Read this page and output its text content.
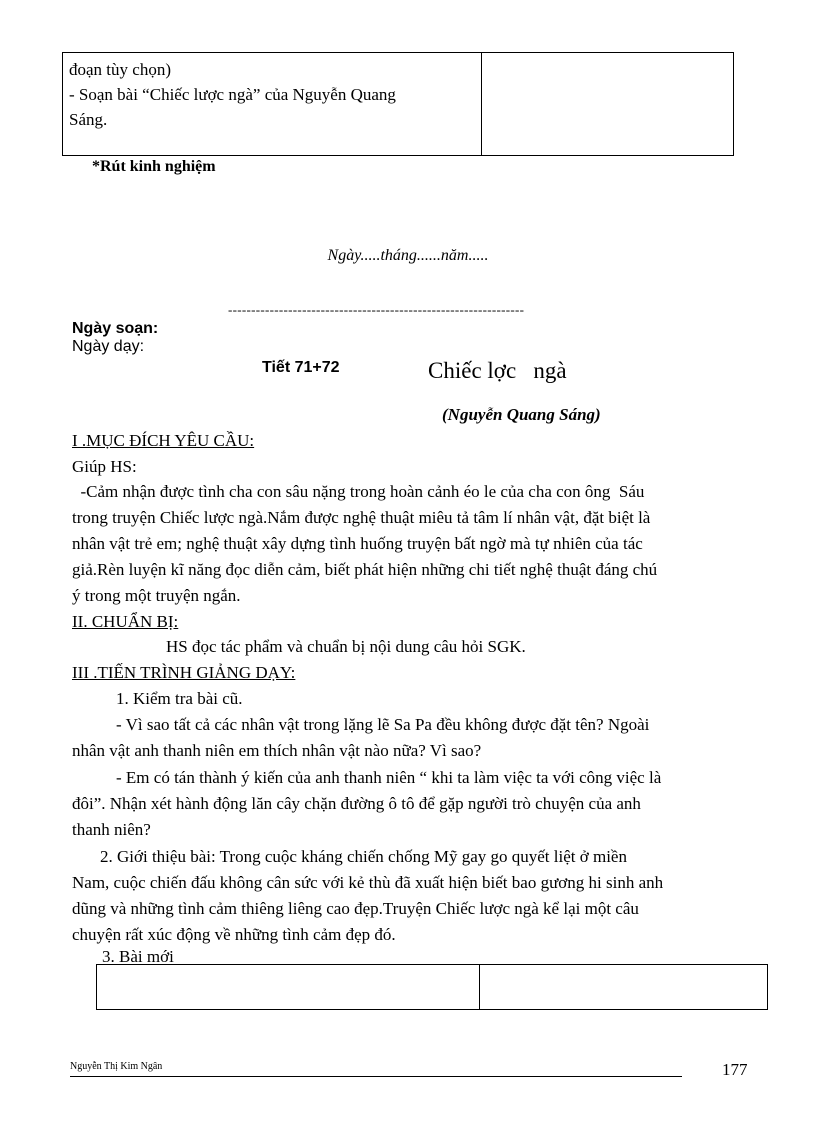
đoạn tùy chọn)
- Soạn bài “Chiếc lược ngà” của Nguyễn Quang
Sáng.
*Rút kinh nghiệm
Ngày.....tháng......năm.....
----------------------------------------------------------------
Ngày soạn:
Ngày dạy:
Tiết 71+72	Chiếc lợc   ngà
(Nguyễn Quang Sáng)
I .MỤC ĐÍCH YÊU CẦU:
Giúp HS:
-Cảm nhận được tình cha con sâu nặng trong hoàn cảnh éo le của cha con ông  Sáu
trong truyện Chiếc lược ngà.Nắm được nghệ thuật miêu tả tâm lí nhân vật, đặt biệt là
nhân vật trẻ em; nghệ thuật xây dựng tình huống truyện bất ngờ mà tự nhiên của tác
giả.Rèn luyện kĩ năng đọc diễn cảm, biết phát hiện những chi tiết nghệ thuật đáng chú
ý trong một truyện ngắn.
II. CHUẨN BỊ:
HS đọc tác phẩm và chuẩn bị nội dung câu hỏi SGK.
III .TIẾN TRÌNH GIẢNG DẠY:
1. Kiểm tra bài cũ.
- Vì sao tất cả các nhân vật trong lặng lẽ Sa Pa đều không được đặt tên? Ngoài
nhân vật anh thanh niên em thích nhân vật nào nữa? Vì sao?
- Em có tán thành ý kiến của anh thanh niên “ khi ta làm việc ta với công việc là
đôi”. Nhận xét hành động lăn cây chặn đường ô tô để gặp người trò chuyện của anh
thanh niên?
2. Giới thiệu bài: Trong cuộc kháng chiến chống Mỹ gay go quyết liệt ở miền
Nam, cuộc chiến đấu không cân sức với kẻ thù đã xuất hiện biết bao gương hi sinh anh
dũng và những tình cảm thiêng liêng cao đẹp.Truyện Chiếc lược ngà kể lại một câu
chuyện rất xúc động về những tình cảm đẹp đó.
3. Bài mới
Nguyễn Thị Kim Ngân	177
